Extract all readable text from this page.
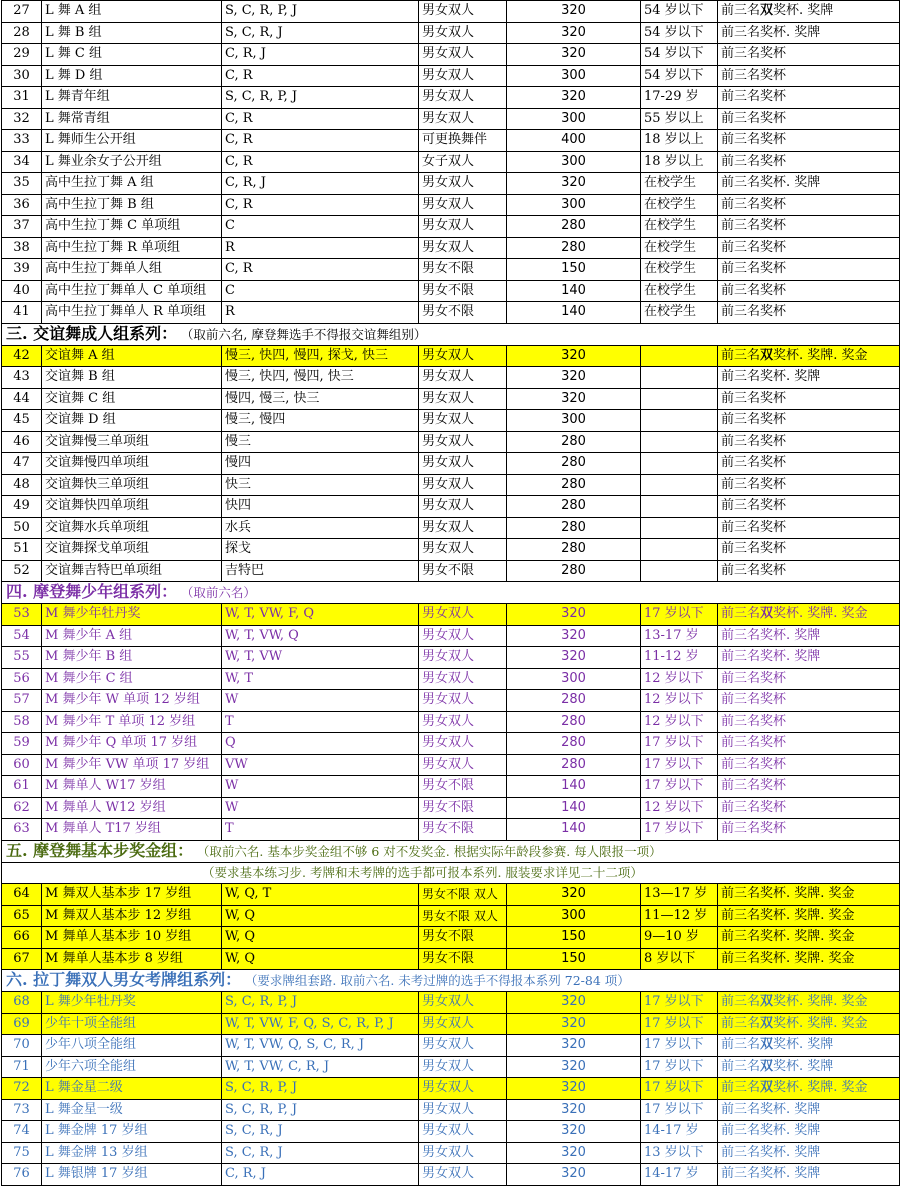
27	L 舞 A 组	S, C, R, P, J	男女双人	320	54 岁以下	前三名双奖杯. 奖牌
28	L 舞 B 组	S, C, R, J	男女双人	320	54 岁以下	前三名奖杯. 奖牌
29	L 舞 C 组	C, R, J	男女双人	320	54 岁以下	前三名奖杯
30	L 舞 D 组	C, R	男女双人	300	54 岁以下	前三名奖杯
31	L 舞青年组	S, C, R, P, J	男女双人	320	17-29 岁	前三名奖杯
32	L 舞常青组	C, R	男女双人	300	55 岁以上	前三名奖杯
33	L 舞师生公开组	C, R	可更换舞伴	400	18 岁以上	前三名奖杯
34	L 舞业余女子公开组	C, R	女子双人	300	18 岁以上	前三名奖杯
35	高中生拉丁舞 A 组	C, R, J	男女双人	320	在校学生	前三名奖杯. 奖牌
36	高中生拉丁舞 B 组	C, R	男女双人	300	在校学生	前三名奖杯
37	高中生拉丁舞 C 单项组	C	男女双人	280	在校学生	前三名奖杯
38	高中生拉丁舞 R 单项组	R	男女双人	280	在校学生	前三名奖杯
39	高中生拉丁舞单人组	C, R	男女不限	150	在校学生	前三名奖杯
40	高中生拉丁舞单人 C 单项组	C	男女不限	140	在校学生	前三名奖杯
41	高中生拉丁舞单人 R 单项组	R	男女不限	140	在校学生	前三名奖杯
三. 交谊舞成人组系列： （取前六名, 摩登舞选手不得报交谊舞组别）						
42	交谊舞 A 组	慢三, 快四, 慢四, 探戈, 快三	男女双人	320		前三名双奖杯. 奖牌. 奖金
43	交谊舞 B 组	慢三, 快四, 慢四, 快三	男女双人	320		前三名奖杯. 奖牌
44	交谊舞 C 组	慢四, 慢三, 快三	男女双人	320		前三名奖杯
45	交谊舞 D 组	慢三, 慢四	男女双人	300		前三名奖杯
46	交谊舞慢三单项组	慢三	男女双人	280		前三名奖杯
47	交谊舞慢四单项组	慢四	男女双人	280		前三名奖杯
48	交谊舞快三单项组	快三	男女双人	280		前三名奖杯
49	交谊舞快四单项组	快四	男女双人	280		前三名奖杯
50	交谊舞水兵单项组	水兵	男女双人	280		前三名奖杯
51	交谊舞探戈单项组	探戈	男女双人	280		前三名奖杯
52	交谊舞吉特巴单项组	吉特巴	男女不限	280		前三名奖杯
四. 摩登舞少年组系列： （取前六名）						
53	M 舞少年牡丹奖	W, T, VW, F, Q	男女双人	320	17 岁以下	前三名双奖杯. 奖牌. 奖金
54	M 舞少年 A 组	W, T, VW, Q	男女双人	320	13-17 岁	前三名奖杯. 奖牌
55	M 舞少年 B 组	W, T, VW	男女双人	320	11-12 岁	前三名奖杯. 奖牌
56	M 舞少年 C 组	W, T	男女双人	300	12 岁以下	前三名奖杯
57	M 舞少年 W 单项 12 岁组	W	男女双人	280	12 岁以下	前三名奖杯
58	M 舞少年 T 单项 12 岁组	T	男女双人	280	12 岁以下	前三名奖杯
59	M 舞少年 Q 单项 17 岁组	Q	男女双人	280	17 岁以下	前三名奖杯
60	M 舞少年 VW 单项 17 岁组	VW	男女双人	280	17 岁以下	前三名奖杯
61	M 舞单人 W17 岁组	W	男女不限	140	17 岁以下	前三名奖杯
62	M 舞单人 W12 岁组	W	男女不限	140	12 岁以下	前三名奖杯
63	M 舞单人 T17 岁组	T	男女不限	140	17 岁以下	前三名奖杯
五. 摩登舞基本步奖金组： （取前六名. 基本步奖金组不够 6 对不发奖金. 根据实际年龄段参赛. 每人限报一项）						
（要求基本练习步. 考牌和未考牌的选手都可报本系列. 服装要求详见二十二项）						
64	M 舞双人基本步 17 岁组	W, Q, T	男女不限 双人	320	13—17 岁	前三名奖杯. 奖牌. 奖金
65	M 舞双人基本步 12 岁组	W, Q	男女不限 双人	300	11—12 岁	前三名奖杯. 奖牌. 奖金
66	M 舞单人基本步 10 岁组	W, Q	男女不限	150	9—10 岁	前三名奖杯. 奖牌. 奖金
67	M 舞单人基本步 8 岁组	W, Q	男女不限	150	8 岁以下	前三名奖杯. 奖牌. 奖金
六. 拉丁舞双人男女考牌组系列： （要求牌组套路. 取前六名. 未考过牌的选手不得报本系列 72-84 项）						
68	L 舞少年牡丹奖	S, C, R, P, J	男女双人	320	17 岁以下	前三名双奖杯. 奖牌. 奖金
69	少年十项全能组	W, T, VW, F, Q, S, C, R, P, J	男女双人	320	17 岁以下	前三名双奖杯. 奖牌. 奖金
70	少年八项全能组	W, T, VW, Q, S, C, R, J	男女双人	320	17 岁以下	前三名双奖杯. 奖牌
71	少年六项全能组	W, T, VW, C, R, J	男女双人	320	17 岁以下	前三名双奖杯. 奖牌
72	L 舞金星二级	S, C, R, P, J	男女双人	320	17 岁以下	前三名双奖杯. 奖牌. 奖金
73	L 舞金星一级	S, C, R, P, J	男女双人	320	17 岁以下	前三名奖杯. 奖牌
74	L 舞金牌 17 岁组	S, C, R, J	男女双人	320	14-17 岁	前三名奖杯. 奖牌
75	L 舞金牌 13 岁组	S, C, R, J	男女双人	320	13 岁以下	前三名奖杯. 奖牌
76	L 舞银牌 17 岁组	C, R, J	男女双人	320	14-17 岁	前三名奖杯. 奖牌
